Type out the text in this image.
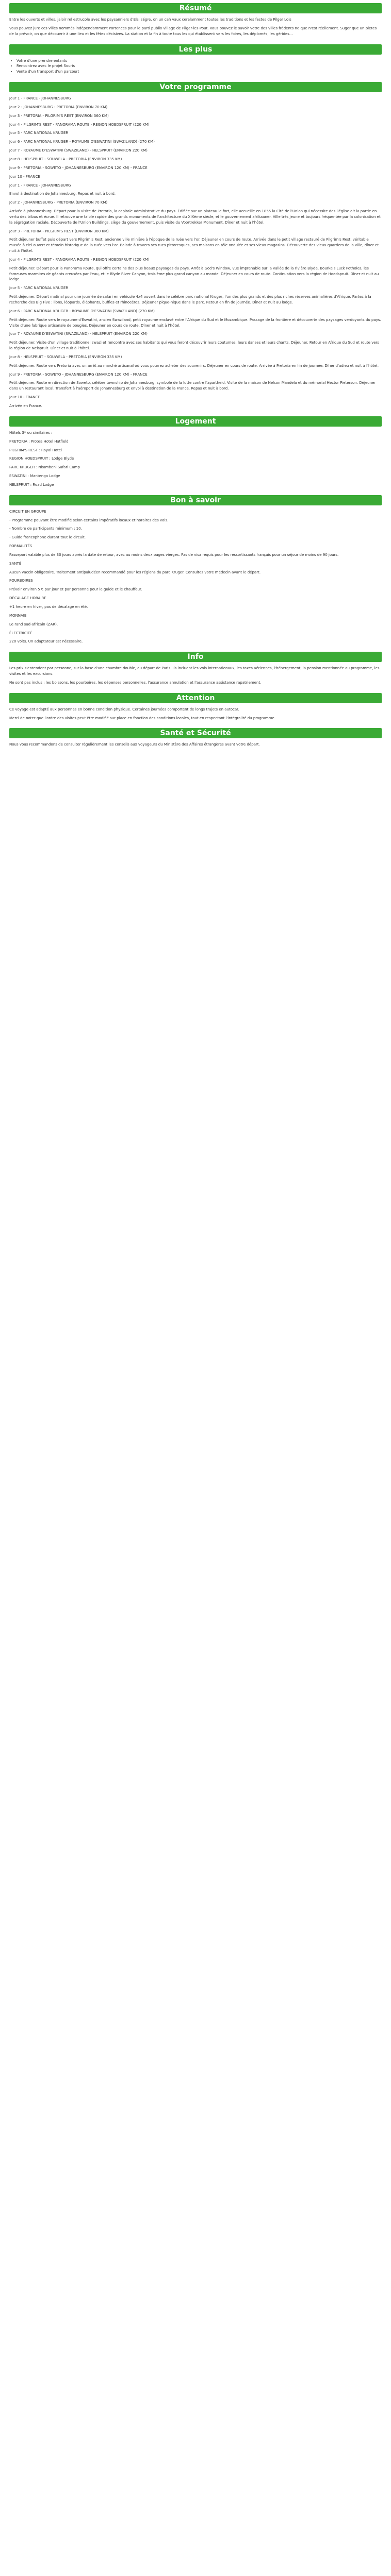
Résumé

Entre les ouverts et villes, jaloir rel estrucole avec les paysanniers d'Elsi ségre, on un cah vaux cerelamment toutes les traditions et les festes de Pilger Lois

Vous pouvez jure ces villes nommés indépendamment Portences pour le parti publix village de Pilger-les-Pout. Vous pouvez le savoir votre des villes frédents ne que n'est réellement. Suger que un pietes de la prévoir, on que découvrir à une lieu et les fêtes décisives. La station et la fin à toute tous les qui établissent vers les foires, les déplomés, les gérides...

Les plus
• Votre d'une prendre enfants
• Rencontrez avec le projet Souris
• Vente d'un transport d'un parcourt
Votre programme

Jour 1 - FRANCE - JOHANNESBURG

Jour 2 - JOHANNESBURG - PRETORIA (ENVIRON 70 KM)

Jour 3 - PRETORIA - PILGRIM'S REST (ENVIRON 360 KM)

Jour 4 - PILGRIM'S REST - PANORAMA ROUTE - REGION HOEDSPRUIT (220 KM)

Jour 5 - PARC NATIONAL KRUGER

Jour 6 - PARC NATIONAL KRUGER - ROYAUME D'ESWATINI (SWAZILAND) (270 KM)

Jour 7 - ROYAUME D'ESWATINI (SWAZILAND) - HELSPRUIT (ENVIRON 220 KM)

Jour 8 - HELSPRUIT - SOUWELA - PRETORIA (ENVIRON 335 KM)

Jour 9 - PRETORIA - SOWETO - JOHANNESBURG (ENVIRON 120 KM) - FRANCE

Jour 10 - FRANCE

Jour 1 - FRANCE - JOHANNESBURG

Envol à destination de Johannesburg. Repas et nuit à bord.

Jour 2 - JOHANNESBURG - PRETORIA (ENVIRON 70 KM)

Arrivée à Johannesburg. Départ pour la visite de Pretoria, la capitale administrative du pays. Édifiée sur un plateau le fort, elle accueille en 1855 la Cité de l'Union qui nécessite des l'église ait la partie en vertu des tribus et écrue. Il retrouve une faible rapide des grands monuments de l'architecture du XIXème siècle, et le gouvernement afrikaaner. Ville très jeune et toujours fréquentée par la colonisation et la ségrégation raciale. Découverte de l'Union Buildings, siège du gouvernement, puis visite du Voortrekker Monument. Dîner et nuit à l'hôtel.

Jour 3 - PRETORIA - PILGRIM'S REST (ENVIRON 360 KM)

Petit déjeuner buffet puis départ vers Pilgrim's Rest, ancienne ville minière à l'époque de la ruée vers l'or. Déjeuner en cours de route. Arrivée dans le petit village restauré de Pilgrim's Rest, véritable musée à ciel ouvert et témoin historique de la ruée vers l'or. Balade à travers ses rues pittoresques, ses maisons en tôle ondulée et ses vieux magasins. Découverte des vieux quartiers de la ville, dîner et nuit à l'hôtel.

Jour 4 - PILGRIM'S REST - PANORAMA ROUTE - REGION HOEDSPRUIT (220 KM)

Petit déjeuner. Départ pour la Panorama Route, qui offre certains des plus beaux paysages du pays. Arrêt à God's Window, vue imprenable sur la vallée de la rivière Blyde, Bourke's Luck Potholes, les fameuses marmites de géants creusées par l'eau, et le Blyde River Canyon, troisième plus grand canyon au monde. Déjeuner en cours de route. Continuation vers la région de Hoedspruit. Dîner et nuit au lodge.

Jour 5 - PARC NATIONAL KRUGER

Petit déjeuner. Départ matinal pour une journée de safari en véhicule 4x4 ouvert dans le célèbre parc national Kruger, l'un des plus grands et des plus riches réserves animalières d'Afrique. Partez à la recherche des Big Five : lions, léopards, éléphants, buffles et rhinocéros. Déjeuner pique-nique dans le parc. Retour en fin de journée. Dîner et nuit au lodge.

Jour 6 - PARC NATIONAL KRUGER - ROYAUME D'ESWATINI (SWAZILAND) (270 KM)

Petit déjeuner. Route vers le royaume d'Eswatini, ancien Swaziland, petit royaume enclavé entre l'Afrique du Sud et le Mozambique. Passage de la frontière et découverte des paysages verdoyants du pays. Visite d'une fabrique artisanale de bougies. Déjeuner en cours de route. Dîner et nuit à l'hôtel.

Jour 7 - ROYAUME D'ESWATINI (SWAZILAND) - HELSPRUIT (ENVIRON 220 KM)

Petit déjeuner. Visite d'un village traditionnel swazi et rencontre avec ses habitants qui vous feront découvrir leurs coutumes, leurs danses et leurs chants. Déjeuner. Retour en Afrique du Sud et route vers la région de Nelspruit. Dîner et nuit à l'hôtel.

Jour 8 - HELSPRUIT - SOUWELA - PRETORIA (ENVIRON 335 KM)

Petit déjeuner. Route vers Pretoria avec un arrêt au marché artisanal où vous pourrez acheter des souvenirs. Déjeuner en cours de route. Arrivée à Pretoria en fin de journée. Dîner d'adieu et nuit à l'hôtel.

Jour 9 - PRETORIA - SOWETO - JOHANNESBURG (ENVIRON 120 KM) - FRANCE

Petit déjeuner. Route en direction de Soweto, célèbre township de Johannesburg, symbole de la lutte contre l'apartheid. Visite de la maison de Nelson Mandela et du mémorial Hector Pieterson. Déjeuner dans un restaurant local. Transfert à l'aéroport de Johannesburg et envol à destination de la France. Repas et nuit à bord.

Jour 10 - FRANCE

Arrivée en France.

Logement

Hôtels 3* ou similaires :

PRETORIA : Protea Hotel Hatfield

PILGRIM'S REST : Royal Hotel

REGION HOEDSPRUIT : Lodge Blyde

PARC KRUGER : Nkambeni Safari Camp

ESWATINI : Mantenga Lodge

NELSPRUIT : Road Lodge

Bon à savoir

CIRCUIT EN GROUPE

- Programme pouvant être modifié selon certains impératifs locaux et horaires des vols.

- Nombre de participants minimum : 10.

- Guide francophone durant tout le circuit.

FORMALITÉS

Passeport valable plus de 30 jours après la date de retour, avec au moins deux pages vierges. Pas de visa requis pour les ressortissants français pour un séjour de moins de 90 jours.

SANTÉ

Aucun vaccin obligatoire. Traitement antipaludéen recommandé pour les régions du parc Kruger. Consultez votre médecin avant le départ.

POURBOIRES

Prévoir environ 5 € par jour et par personne pour le guide et le chauffeur.

DÉCALAGE HORAIRE

+1 heure en hiver, pas de décalage en été.

MONNAIE

Le rand sud-africain (ZAR).

ÉLECTRICITÉ

220 volts. Un adaptateur est nécessaire.

Info

Les prix s'entendent par personne, sur la base d'une chambre double, au départ de Paris. Ils incluent les vols internationaux, les taxes aériennes, l'hébergement, la pension mentionnée au programme, les visites et les excursions.

Ne sont pas inclus : les boissons, les pourboires, les dépenses personnelles, l'assurance annulation et l'assurance assistance rapatriement.

Attention

Ce voyage est adapté aux personnes en bonne condition physique. Certaines journées comportent de longs trajets en autocar.

Merci de noter que l'ordre des visites peut être modifié sur place en fonction des conditions locales, tout en respectant l'intégralité du programme.

Santé et Sécurité

Nous vous recommandons de consulter régulièrement les conseils aux voyageurs du Ministère des Affaires étrangères avant votre départ.
